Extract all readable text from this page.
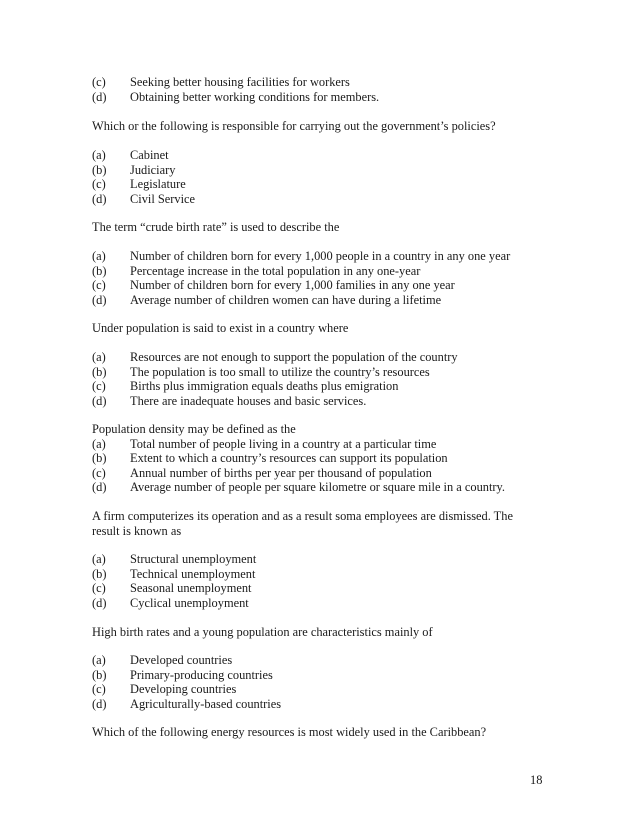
(c) Seeking better housing facilities for workers
(d) Obtaining better working conditions for members.
Which or the following is responsible for carrying out the government’s policies?
(a) Cabinet
(b) Judiciary
(c) Legislature
(d) Civil Service
The term “crude birth rate” is used to describe the
(a) Number of children born for every 1,000 people in a country in any one year
(b) Percentage increase in the total population in any one-year
(c) Number of children born for every 1,000 families in any one year
(d) Average number of children women can have during a lifetime
Under population is said to exist in a country where
(a) Resources are not enough to support the population of the country
(b) The population is too small to utilize the country’s resources
(c) Births plus immigration equals deaths plus emigration
(d) There are inadequate houses and basic services.
Population density may be defined as the
(a) Total number of people living in a country at a particular time
(b) Extent to which a country’s resources can support its population
(c) Annual number of births per year per thousand of population
(d) Average number of people per square kilometre or square mile in a country.
A firm computerizes its operation and as a result soma employees are dismissed. The
result is known as
(a) Structural unemployment
(b) Technical unemployment
(c) Seasonal unemployment
(d) Cyclical unemployment
High birth rates and a young population are characteristics mainly of
(a) Developed countries
(b) Primary-producing countries
(c) Developing countries
(d) Agriculturally-based countries
Which of the following energy resources is most widely used in the Caribbean?
18
